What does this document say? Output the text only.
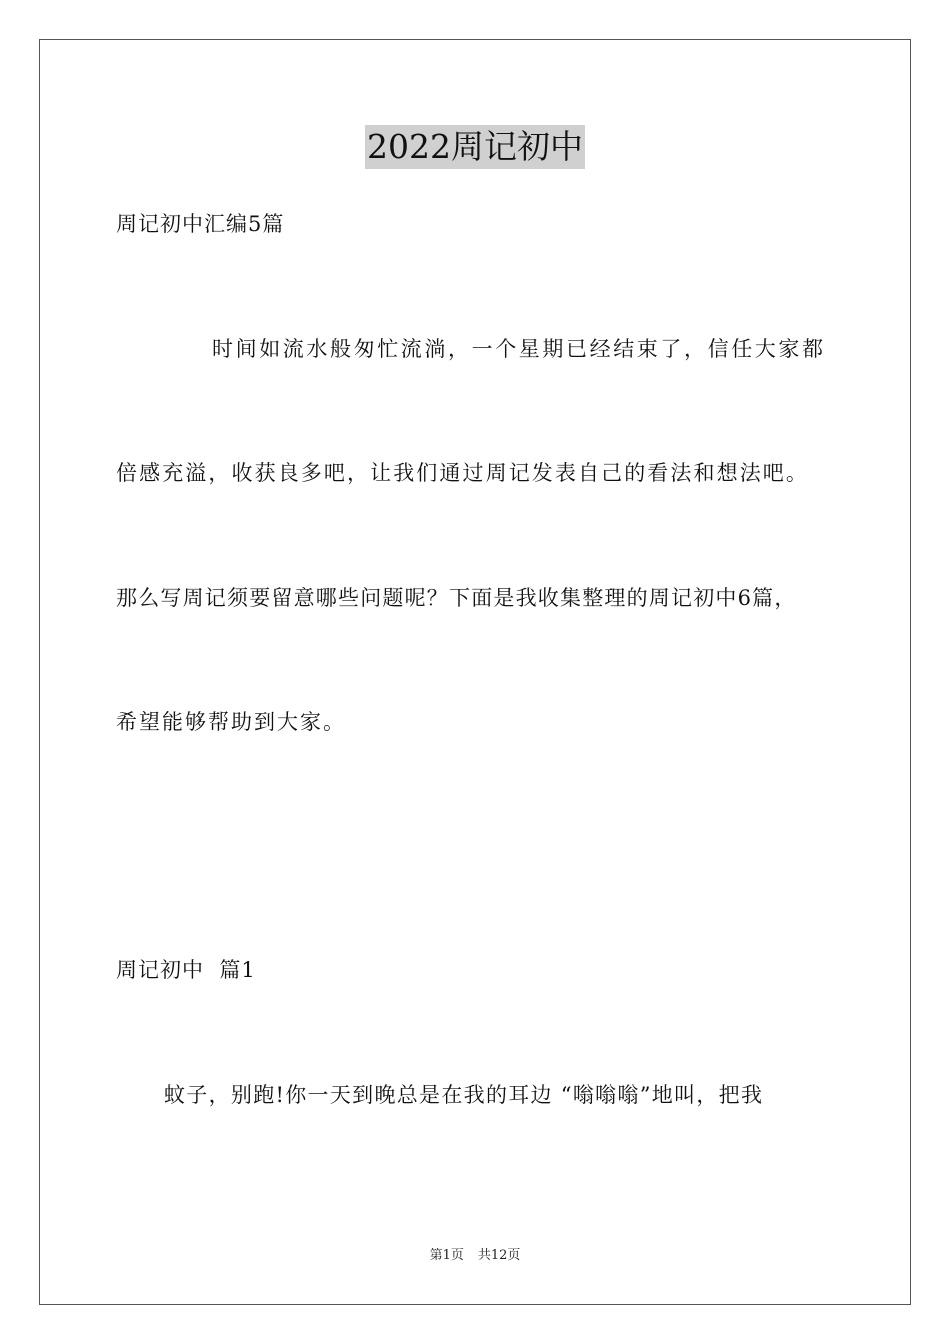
2022周记初中
周记初中汇编5篇
时间如流水般匆忙流淌，一个星期已经结束了，信任大家都
倍感充溢，收获良多吧，让我们通过周记发表自己的看法和想法吧。
那么写周记须要留意哪些问题呢？下面是我收集整理的周记初中6篇，
希望能够帮助到大家。
周记初中  篇1
蚊子，别跑!你一天到晚总是在我的耳边 “嗡嗡嗡”地叫，把我
第1页 共12页
